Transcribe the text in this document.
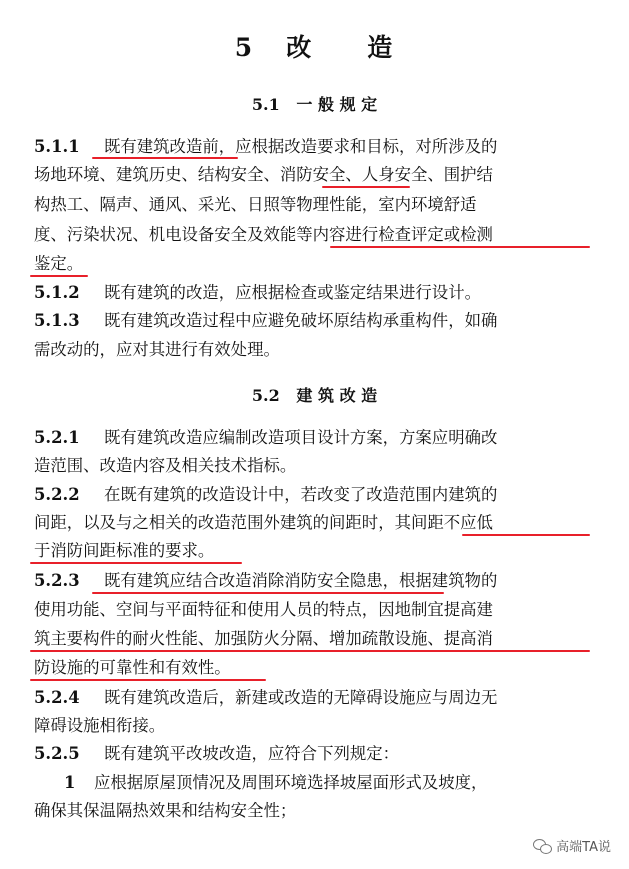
5 改　　造
5.1 一 般 规 定
5.1.1 既有建筑改造前，应根据改造要求和目标，对所涉及的
场地环境、建筑历史、结构安全、消防安全、人身安全、围护结
构热工、隔声、通风、采光、日照等物理性能，室内环境舒适
度、污染状况、机电设备安全及效能等内容进行检查评定或检测
鉴定。
5.1.2 既有建筑的改造，应根据检查或鉴定结果进行设计。
5.1.3 既有建筑改造过程中应避免破坏原结构承重构件，如确
需改动的，应对其进行有效处理。
5.2 建 筑 改 造
5.2.1 既有建筑改造应编制改造项目设计方案，方案应明确改
造范围、改造内容及相关技术指标。
5.2.2 在既有建筑的改造设计中，若改变了改造范围内建筑的
间距，以及与之相关的改造范围外建筑的间距时，其间距不应低
于消防间距标准的要求。
5.2.3 既有建筑应结合改造消除消防安全隐患，根据建筑物的
使用功能、空间与平面特征和使用人员的特点，因地制宜提高建
筑主要构件的耐火性能、加强防火分隔、增加疏散设施、提高消
防设施的可靠性和有效性。
5.2.4 既有建筑改造后，新建或改造的无障碍设施应与周边无
障碍设施相衔接。
5.2.5 既有建筑平改坡改造，应符合下列规定：
1 应根据原屋顶情况及周围环境选择坡屋面形式及坡度，
确保其保温隔热效果和结构安全性；
高端TA说
